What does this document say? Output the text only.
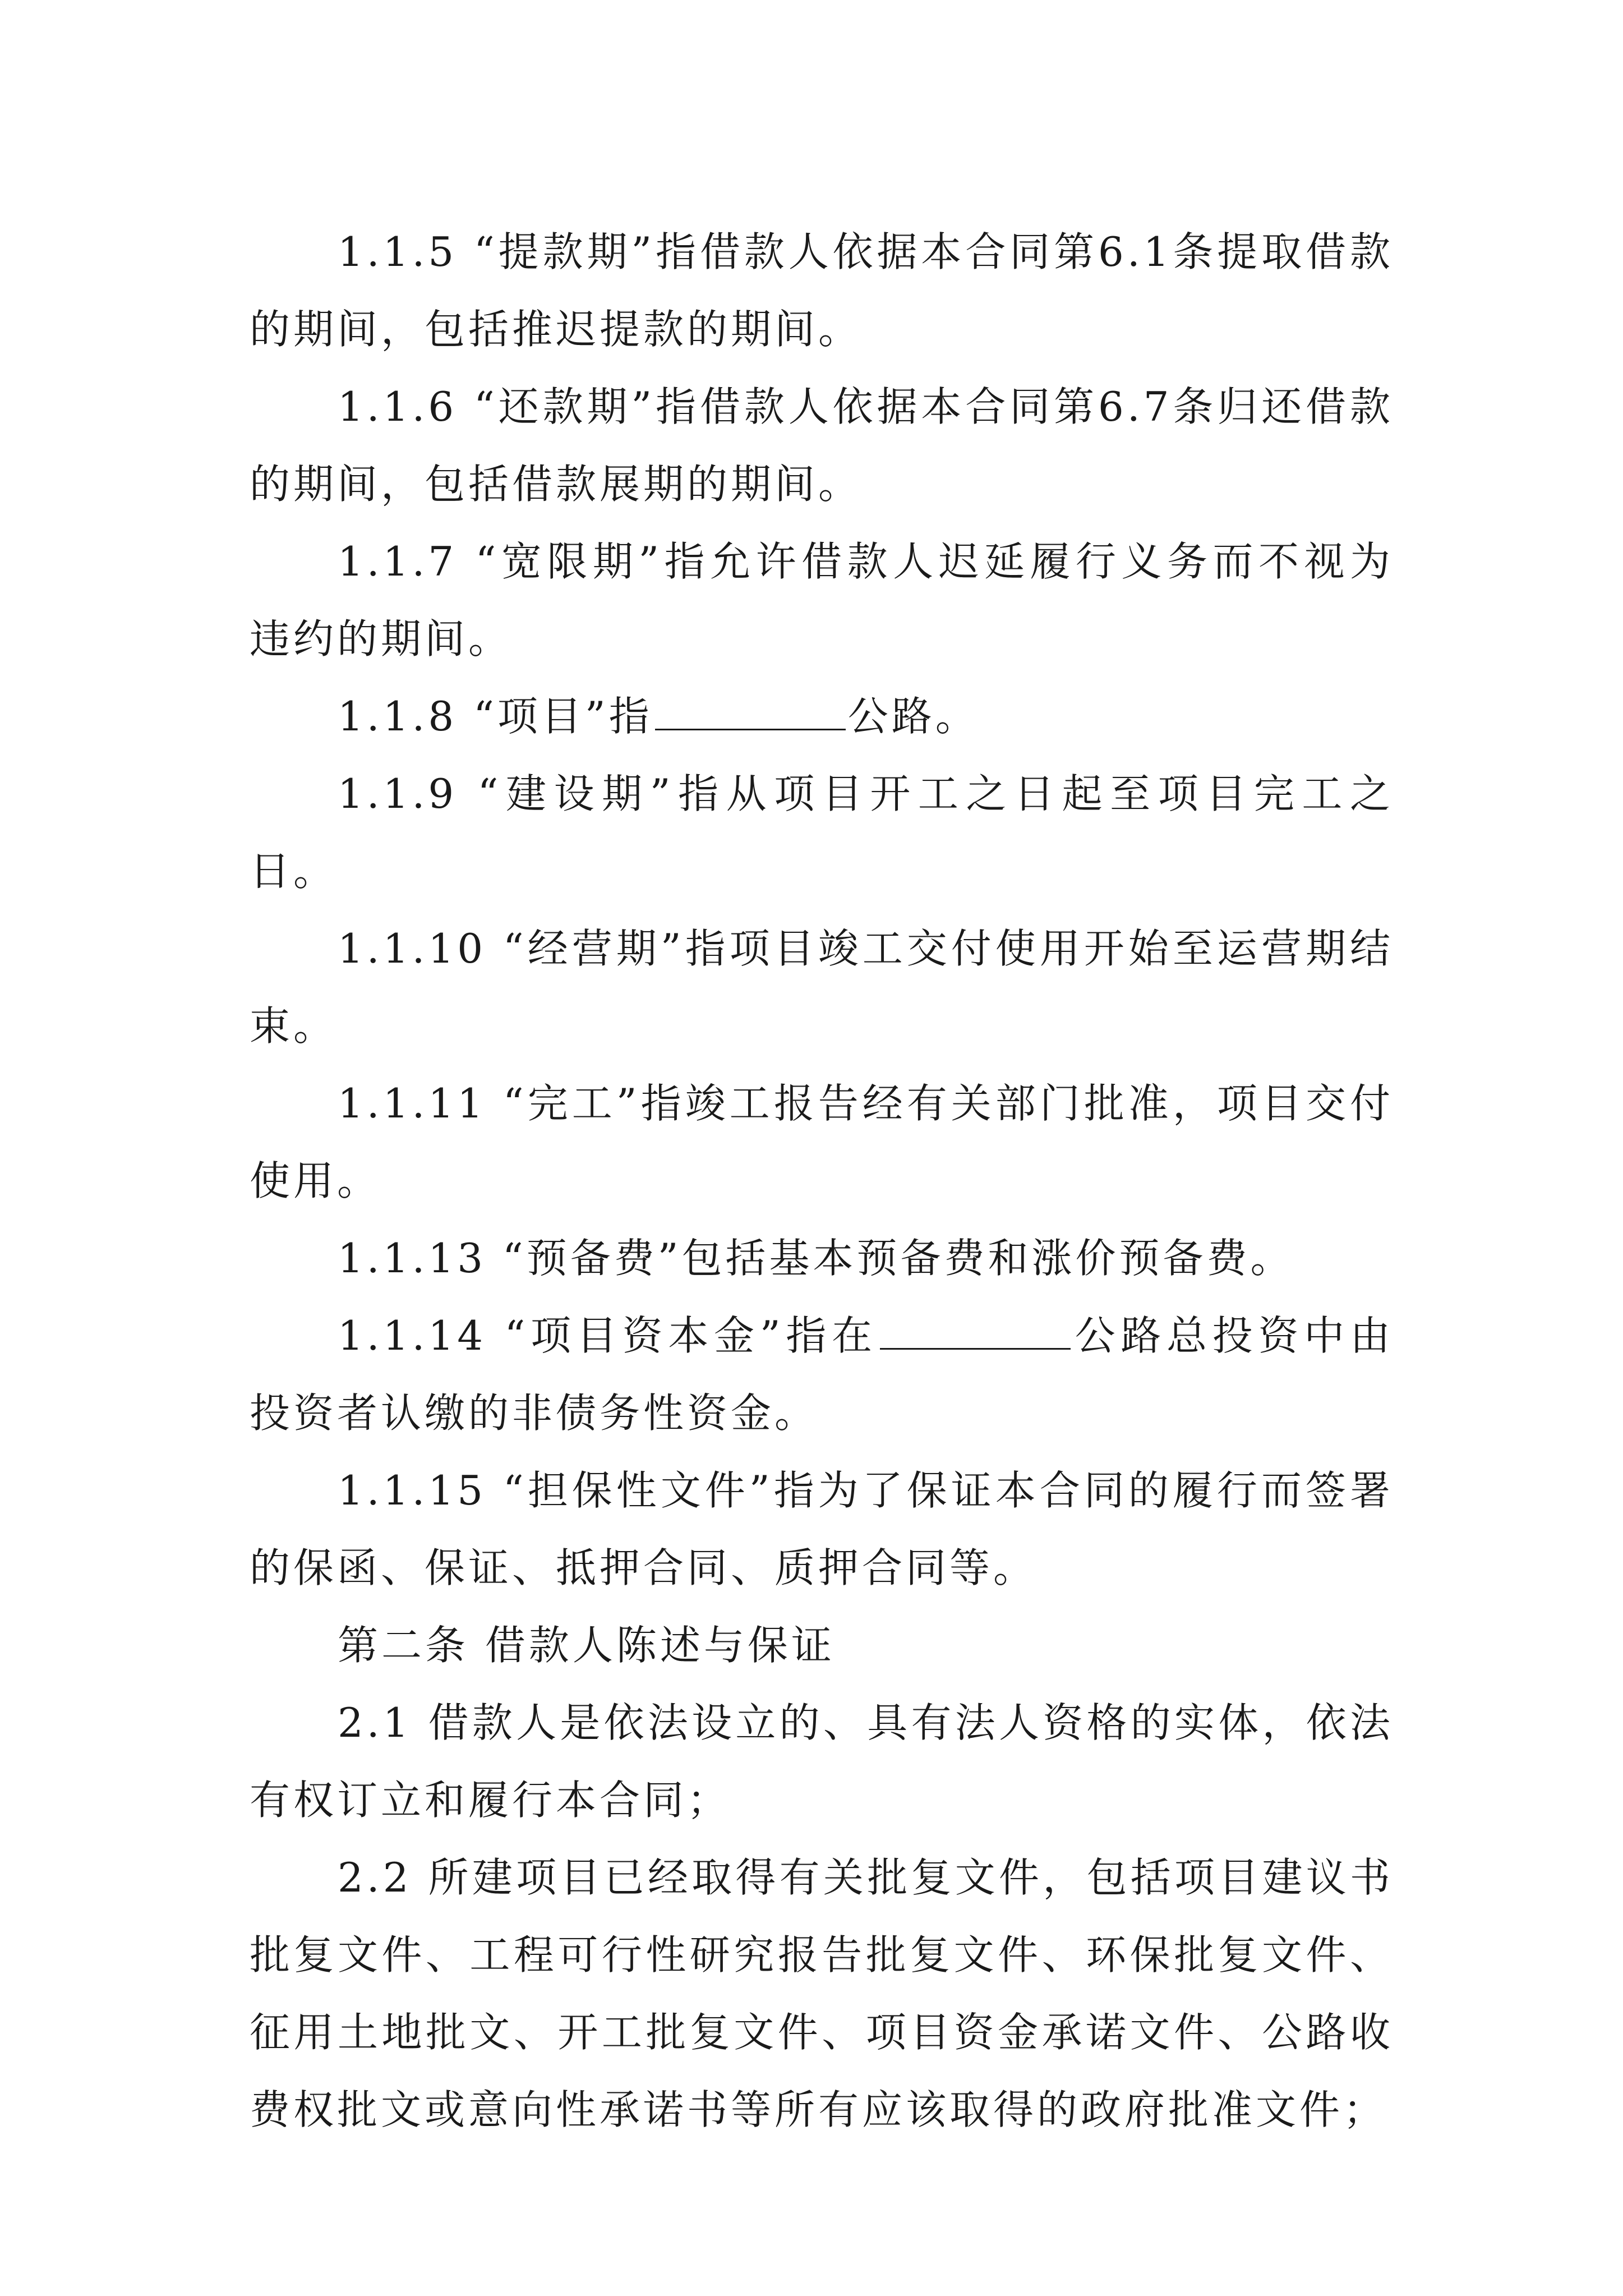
1.1.5 “提款期”指借款人依据本合同第6.1条提取借款的期间，包括推迟提款的期间。

1.1.6 “还款期”指借款人依据本合同第6.7条归还借款的期间，包括借款展期的期间。

1.1.7 “宽限期”指允许借款人迟延履行义务而不视为违约的期间。

1.1.8 “项目”指	公路。

1.1.9 “建设期”指从项目开工之日起至项目完工之日。

1.1.10 “经营期”指项目竣工交付使用开始至运营期结束。

1.1.11 “完工”指竣工报告经有关部门批准，项目交付使用。

1.1.13 “预备费”包括基本预备费和涨价预备费。

1.1.14 “项目资本金”指在	公路总投资中由投资者认缴的非债务性资金。

1.1.15 “担保性文件”指为了保证本合同的履行而签署的保函、保证、抵押合同、质押合同等。

第二条 借款人陈述与保证

2.1 借款人是依法设立的、具有法人资格的实体，依法有权订立和履行本合同；

2.2 所建项目已经取得有关批复文件，包括项目建议书批复文件、工程可行性研究报告批复文件、环保批复文件、征用土地批文、开工批复文件、项目资金承诺文件、公路收费权批文或意向性承诺书等所有应该取得的政府批准文件；
